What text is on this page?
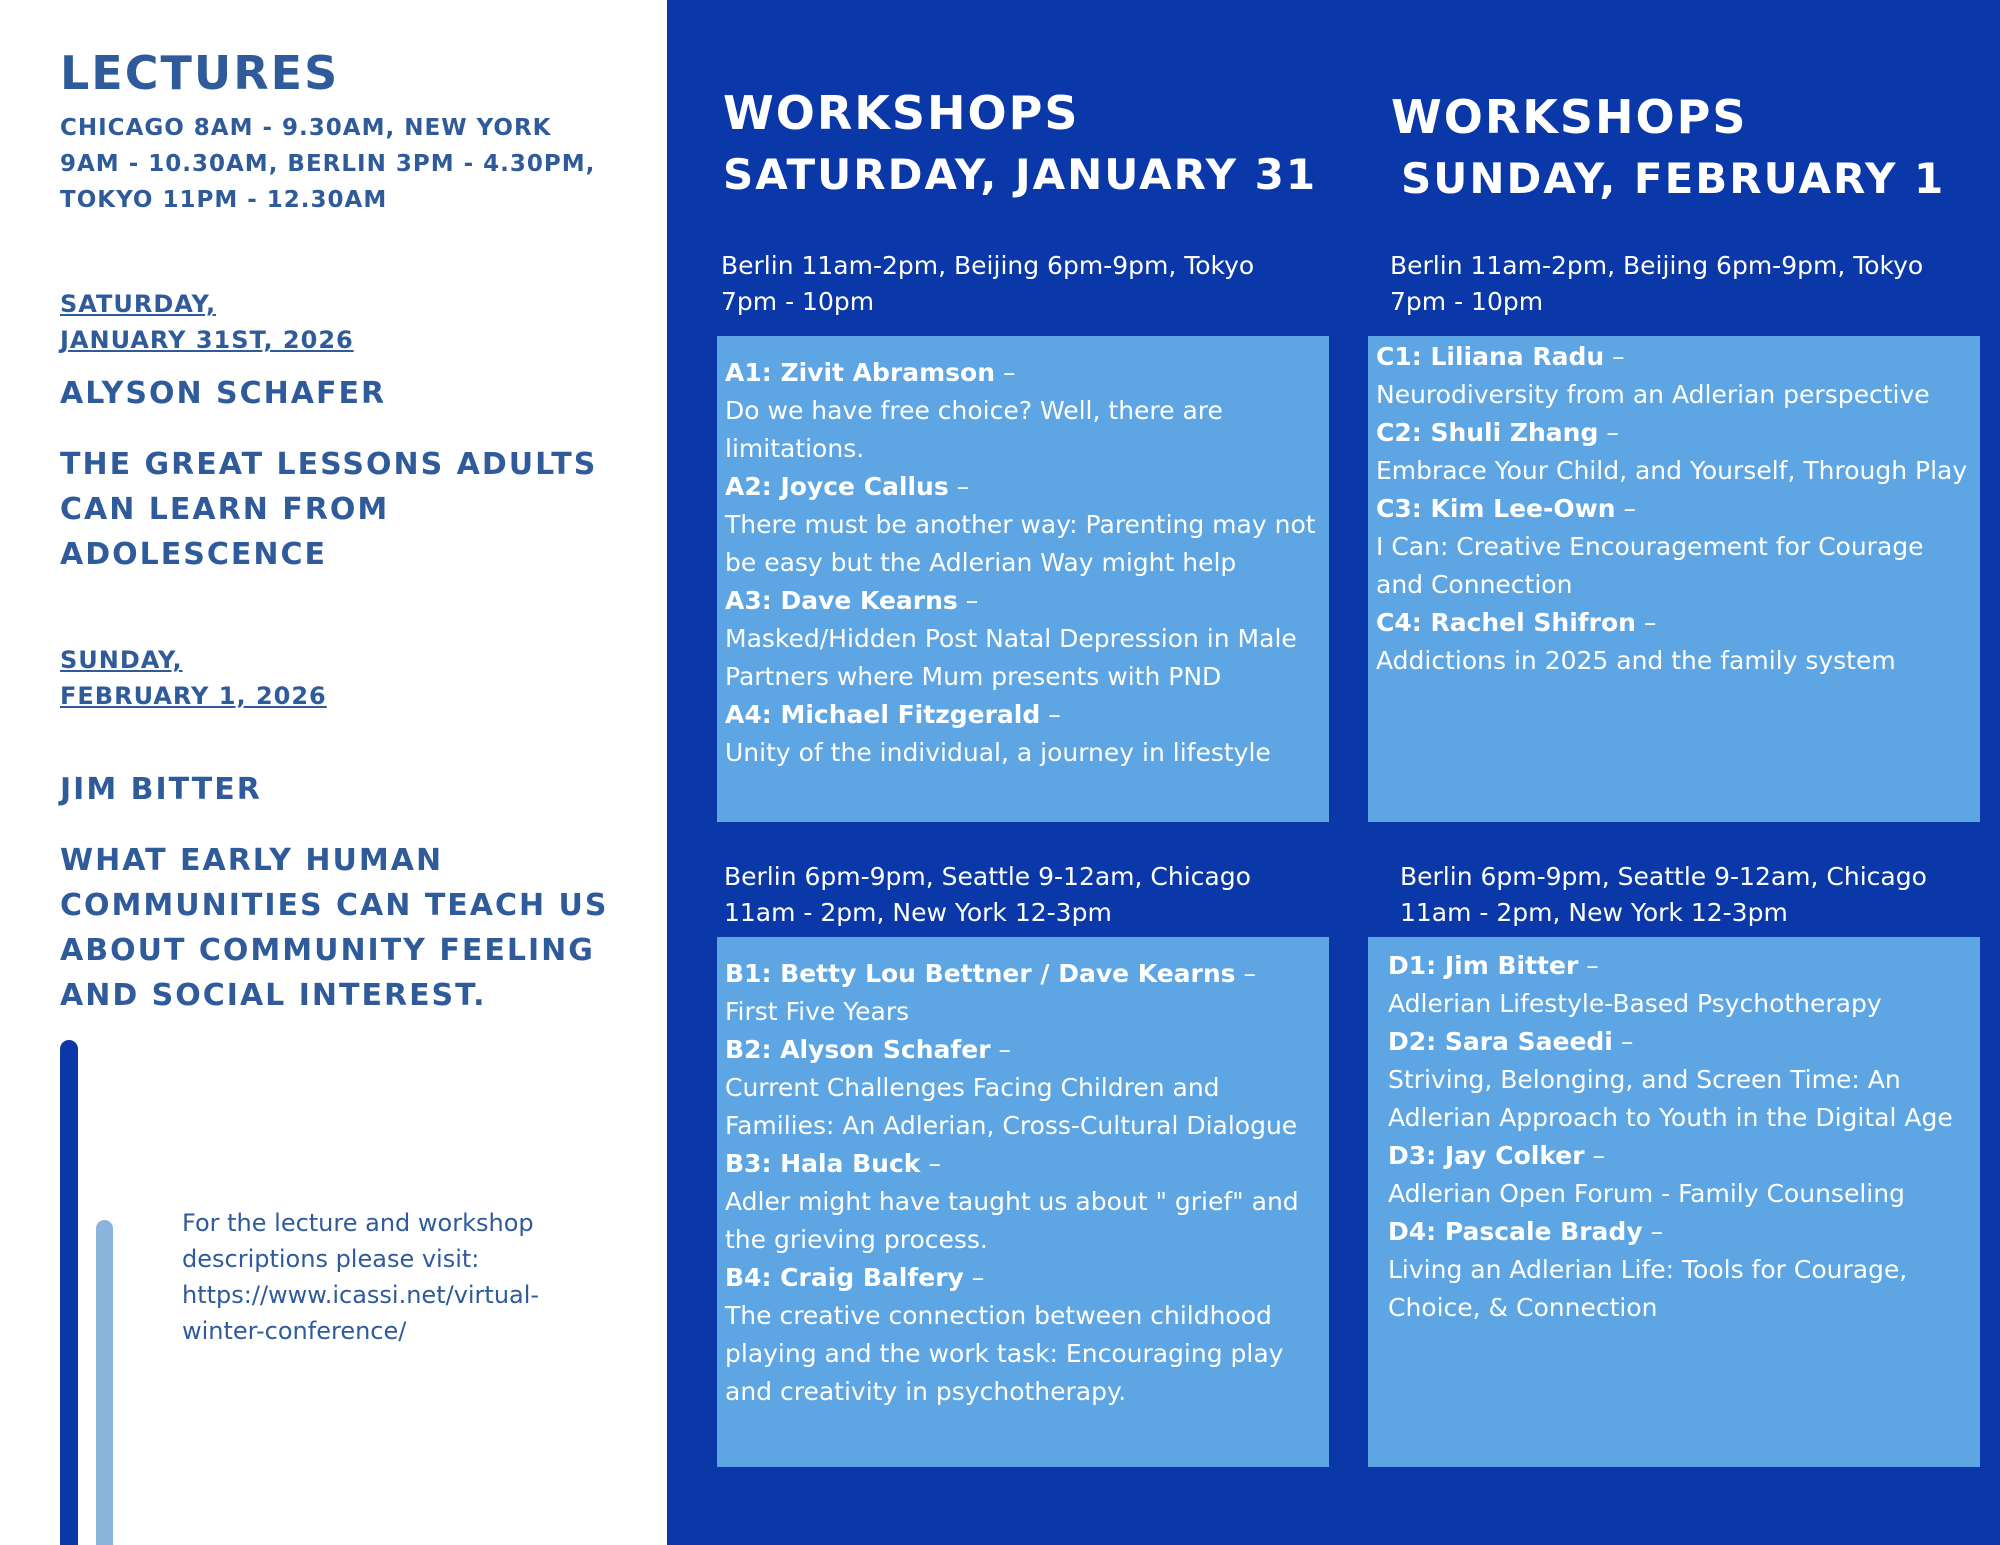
LECTURES
CHICAGO 8AM - 9.30AM, NEW YORK 9AM - 10.30AM, BERLIN 3PM - 4.30PM, TOKYO 11PM - 12.30AM
SATURDAY,
JANUARY 31ST, 2026
ALYSON SCHAFER
THE GREAT LESSONS ADULTS CAN LEARN FROM ADOLESCENCE
SUNDAY,
FEBRUARY 1, 2026
JIM BITTER
WHAT EARLY HUMAN COMMUNITIES CAN TEACH US ABOUT COMMUNITY FEELING AND SOCIAL INTEREST.
For the lecture and workshop descriptions please visit: https://www.icassi.net/virtual-winter-conference/
WORKSHOPS
SATURDAY, JANUARY 31
Berlin 11am-2pm, Beijing 6pm-9pm, Tokyo 7pm - 10pm
A1: Zivit Abramson –
Do we have free choice? Well, there are limitations.
A2: Joyce Callus –
There must be another way: Parenting may not be easy but the Adlerian Way might help
A3: Dave Kearns –
Masked/Hidden Post Natal Depression in Male Partners where Mum presents with PND
A4: Michael Fitzgerald –
Unity of the individual, a journey in lifestyle
Berlin 6pm-9pm, Seattle 9-12am, Chicago 11am - 2pm, New York 12-3pm
B1: Betty Lou Bettner / Dave Kearns –
First Five Years
B2: Alyson Schafer –
Current Challenges Facing Children and Families: An Adlerian, Cross-Cultural Dialogue
B3: Hala Buck –
Adler might have taught us about " grief" and the grieving process.
B4: Craig Balfery –
The creative connection between childhood playing and the work task: Encouraging play and creativity in psychotherapy.
WORKSHOPS
SUNDAY, FEBRUARY 1
Berlin 11am-2pm, Beijing 6pm-9pm, Tokyo 7pm - 10pm
C1: Liliana Radu –
Neurodiversity from an Adlerian perspective
C2: Shuli Zhang –
Embrace Your Child, and Yourself, Through Play
C3: Kim Lee-Own –
I Can: Creative Encouragement for Courage and Connection
C4: Rachel Shifron –
Addictions in 2025 and the family system
Berlin 6pm-9pm, Seattle 9-12am, Chicago 11am - 2pm, New York 12-3pm
D1: Jim Bitter –
Adlerian Lifestyle-Based Psychotherapy
D2: Sara Saeedi –
Striving, Belonging, and Screen Time: An Adlerian Approach to Youth in the Digital Age
D3: Jay Colker –
Adlerian Open Forum - Family Counseling
D4: Pascale Brady –
Living an Adlerian Life: Tools for Courage, Choice, & Connection
